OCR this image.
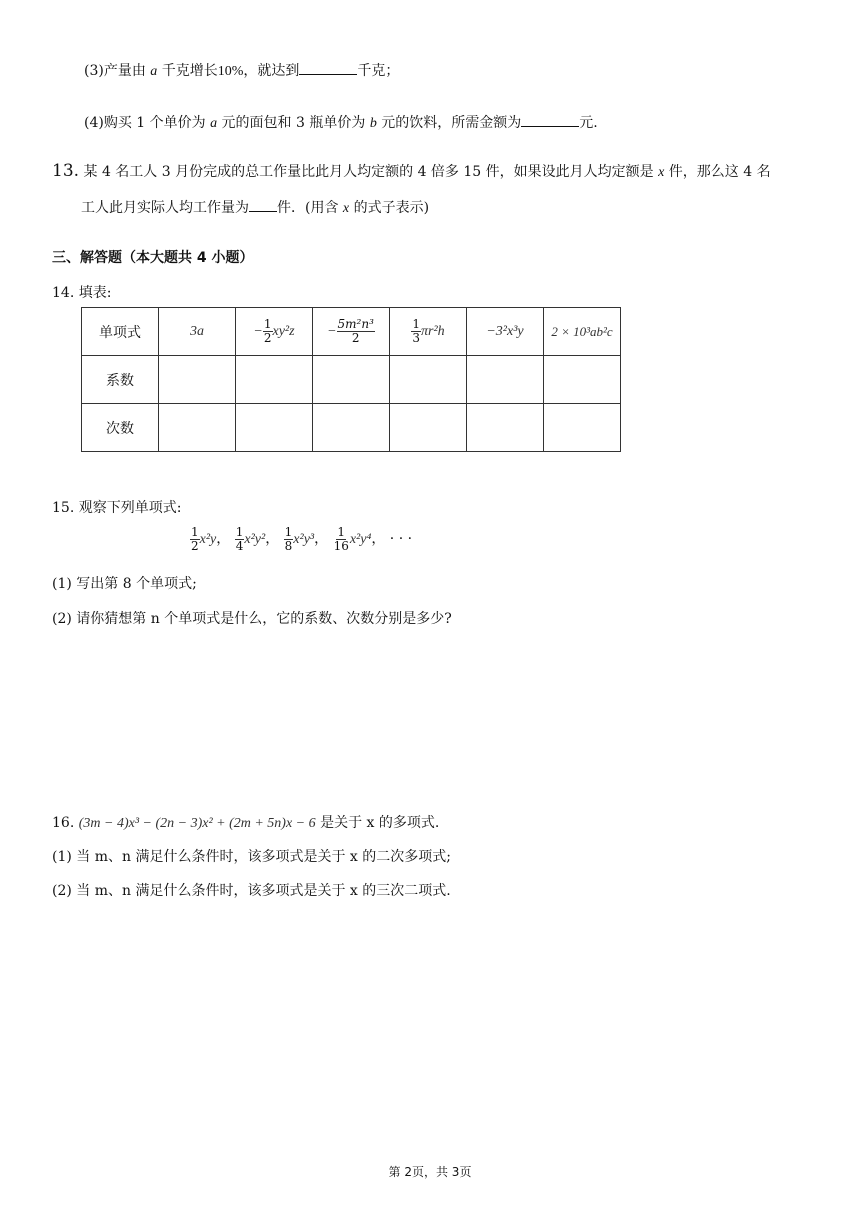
(3)产量由 a 千克增长10%，就达到	千克；
(4)购买 1 个单价为 a 元的面包和 3 瓶单价为 b 元的饮料，所需金额为	元.
13. 某 4 名工人 3 月份完成的总工作量比此月人均定额的 4 倍多 15 件，如果设此月人均定额是 x 件，那么这 4 名
工人此月实际人均工作量为 件．(用含 x 的式子表示)
三、解答题（本大题共 4 小题）
14. 填表:
单项式	3a	− $\frac{1}{2} xy^2z$	− $\frac{\text{5m²n³}}{2}$	$\frac{1}{3} \pi r^2h$	−3²x³y	2 × 10³ab²c
系数						
次数						
15. 观察下列单项式:
$\frac{1}{2} x^2y$， $\frac{1}{4} x^2y^2$， $\frac{1}{8} x^2y^3$， $\frac{1}{16} x^2y^4$， · · ·
(1) 写出第 8 个单项式;
(2) 请你猜想第 n 个单项式是什么，它的系数、次数分别是多少?
16. (3m − 4)x³ − (2n − 3)x² + (2m + 5n)x − 6 是关于 x 的多项式.
(1) 当 m、n 满足什么条件时，该多项式是关于 x 的二次多项式;
(2) 当 m、n 满足什么条件时，该多项式是关于 x 的三次二项式.
第 2页，共 3页
